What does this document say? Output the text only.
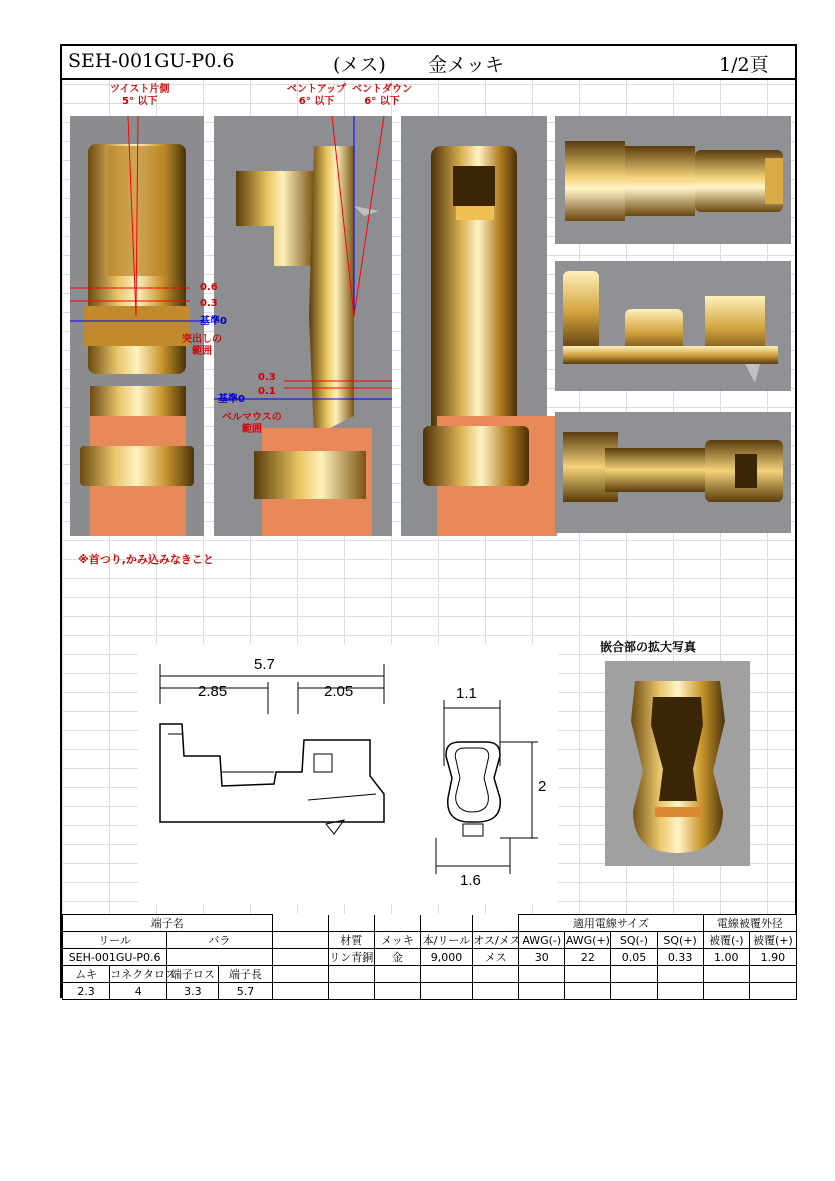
SEH-001GU-P0.6	(メス) 金メッキ	1/2頁
ツイスト片側
5° 以下
0.6
0.3
基準0
突出しの
範囲
ベントアップ
6° 以下
ベントダウン
6° 以下
0.3
0.1
基準0
ベルマウスの
範囲
※首つり,かみ込みなきこと
5.7
2.85	2.05	1.1
2
1.6
嵌合部の拡大写真
端子名									適用電線サイズ				電線被覆外径	
リール		バラ			材質	メッキ	本/リール	オス/メス	AWG(-)	AWG(+)	SQ(-)	SQ(+)	被覆(-)	被覆(+)
SEH-001GU-P0.6					リン青銅	金	9,000	メス	30	22	0.05	0.33	1.00	1.90
ムキ	コネクタロス	端子ロス	端子長											
2.3	4	3.3	5.7											
